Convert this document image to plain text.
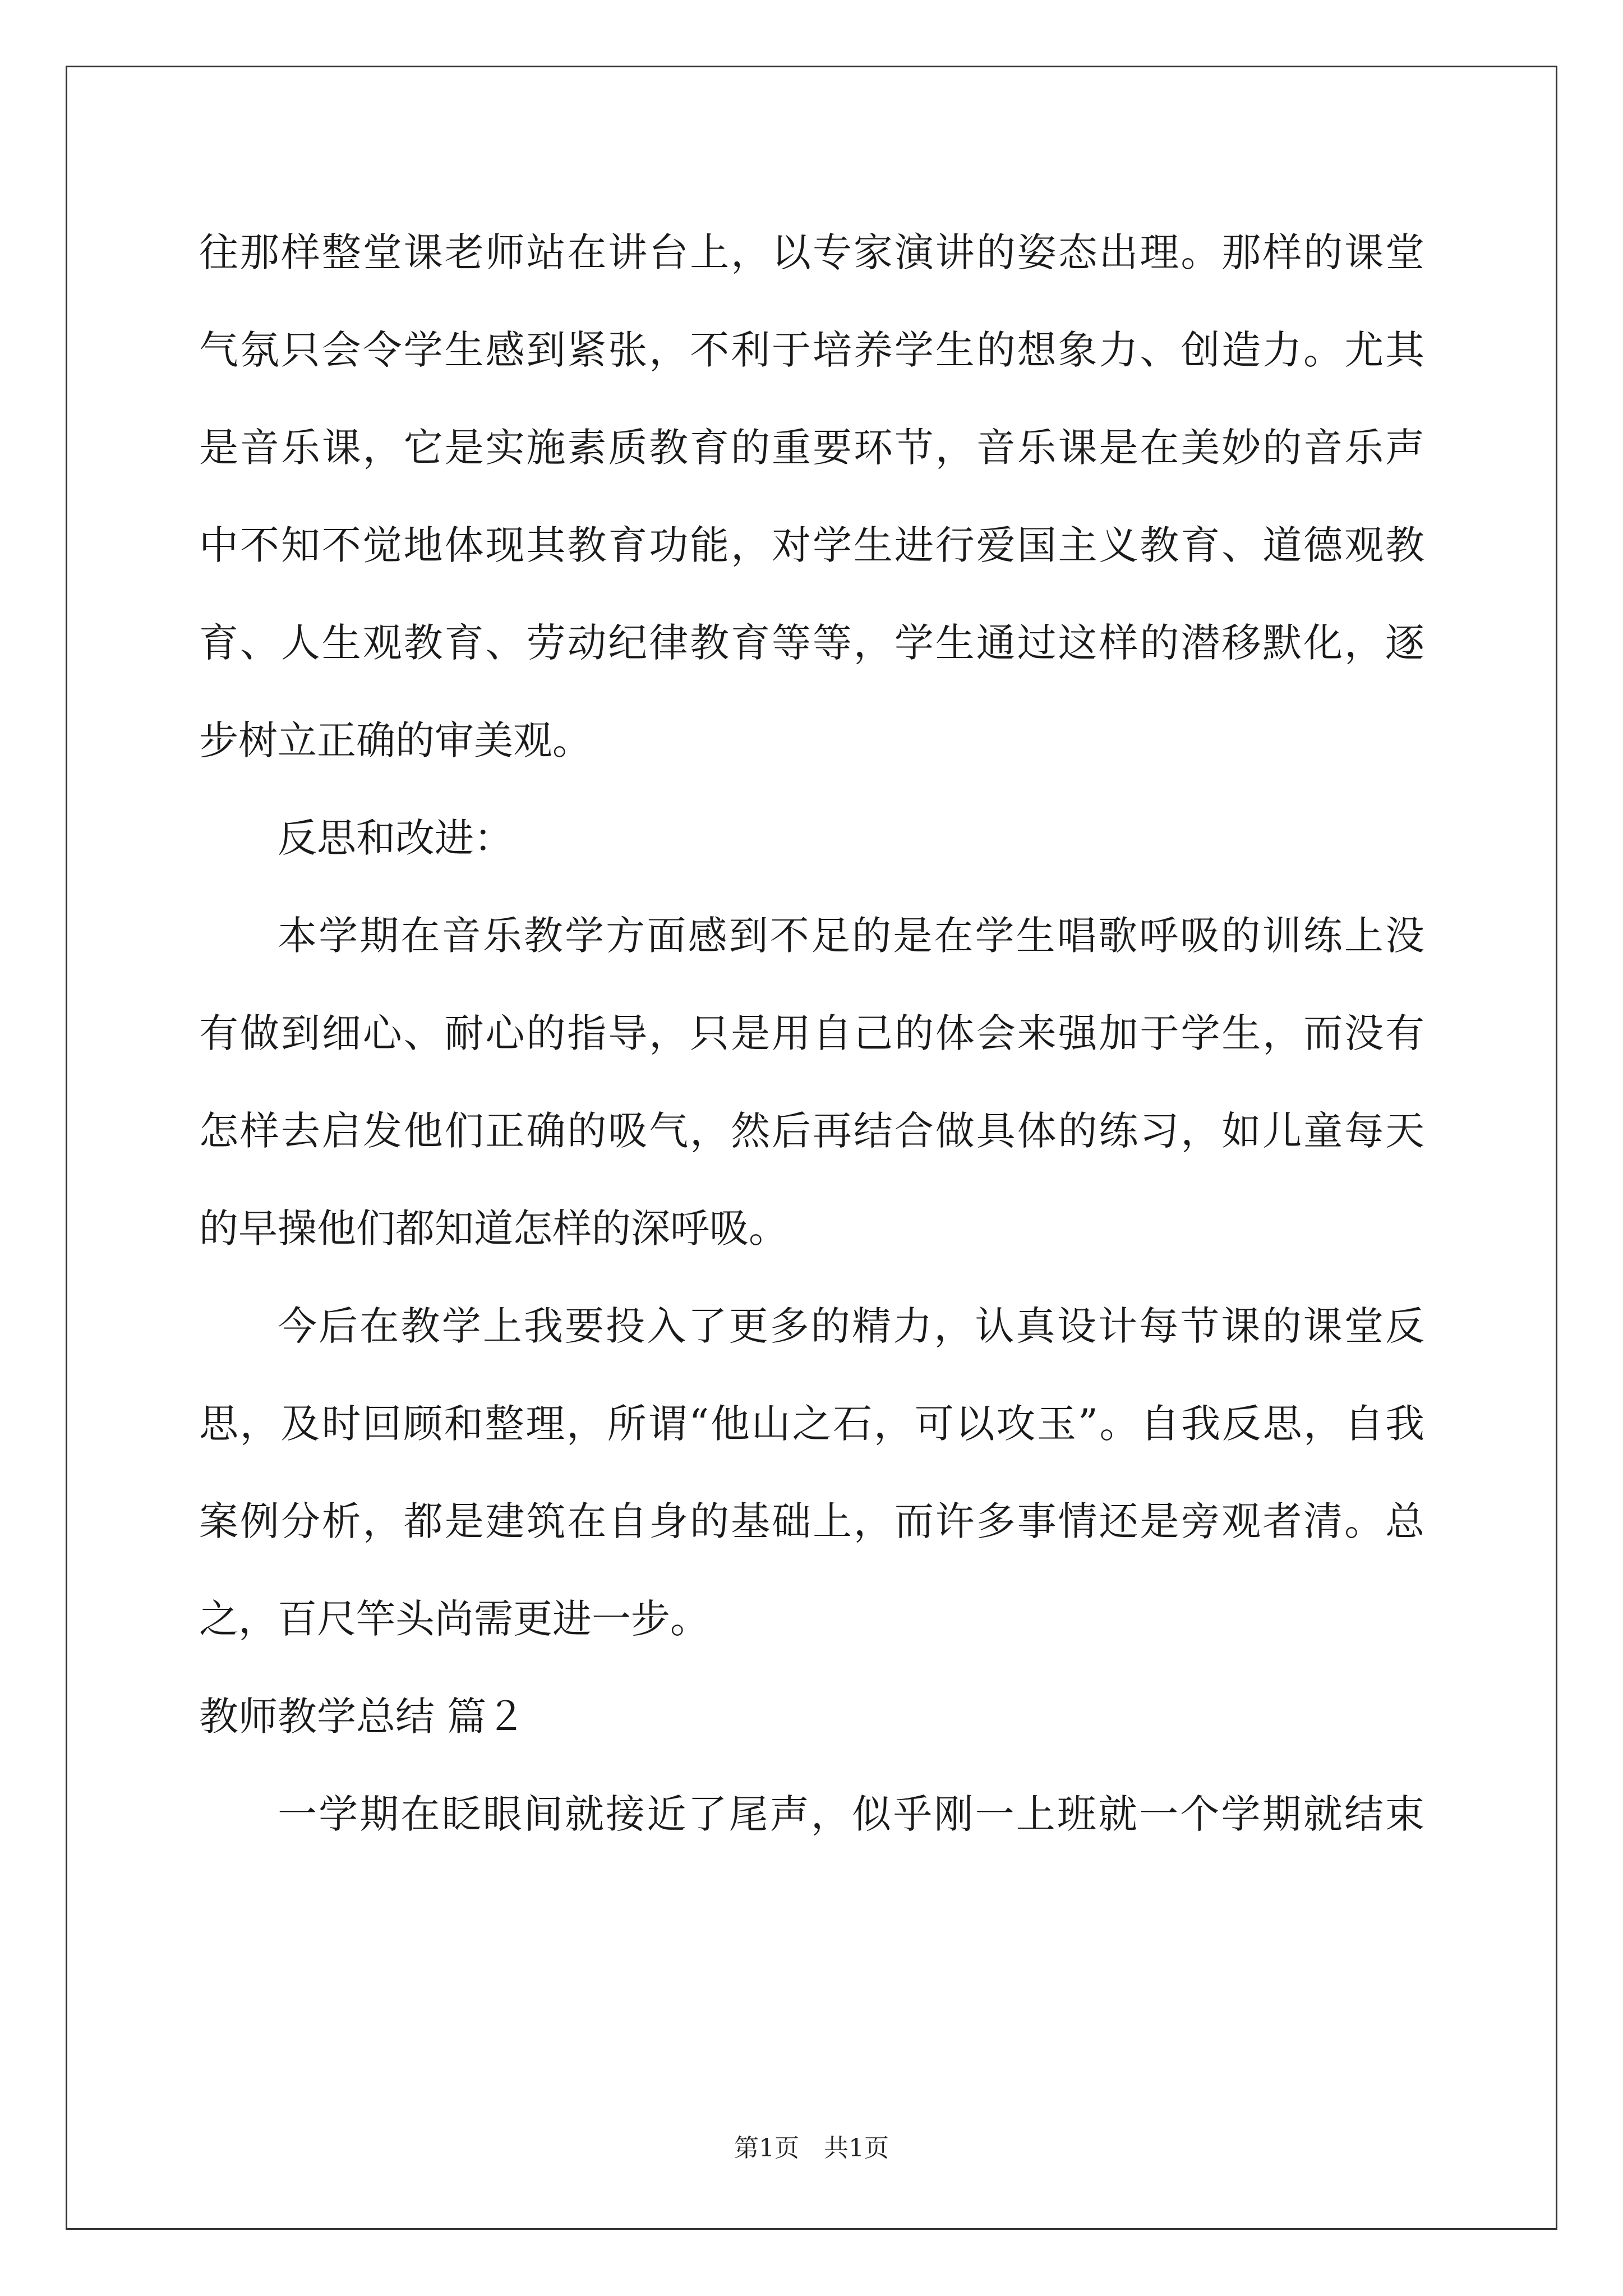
往那样整堂课老师站在讲台上，以专家演讲的姿态出理。那样的课堂
气氛只会令学生感到紧张，不利于培养学生的想象力、创造力。尤其
是音乐课，它是实施素质教育的重要环节，音乐课是在美妙的音乐声
中不知不觉地体现其教育功能，对学生进行爱国主义教育、道德观教
育、人生观教育、劳动纪律教育等等，学生通过这样的潜移默化，逐
步树立正确的审美观。
反思和改进：
本学期在音乐教学方面感到不足的是在学生唱歌呼吸的训练上没
有做到细心、耐心的指导，只是用自己的体会来强加于学生，而没有
怎样去启发他们正确的吸气，然后再结合做具体的练习，如儿童每天
的早操他们都知道怎样的深呼吸。
今后在教学上我要投入了更多的精力，认真设计每节课的课堂反
思，及时回顾和整理，所谓“他山之石，可以攻玉”。自我反思，自我
案例分析，都是建筑在自身的基础上，而许多事情还是旁观者清。总
之，百尺竿头尚需更进一步。
教师教学总结 篇２
一学期在眨眼间就接近了尾声，似乎刚一上班就一个学期就结束
第1页　共1页
